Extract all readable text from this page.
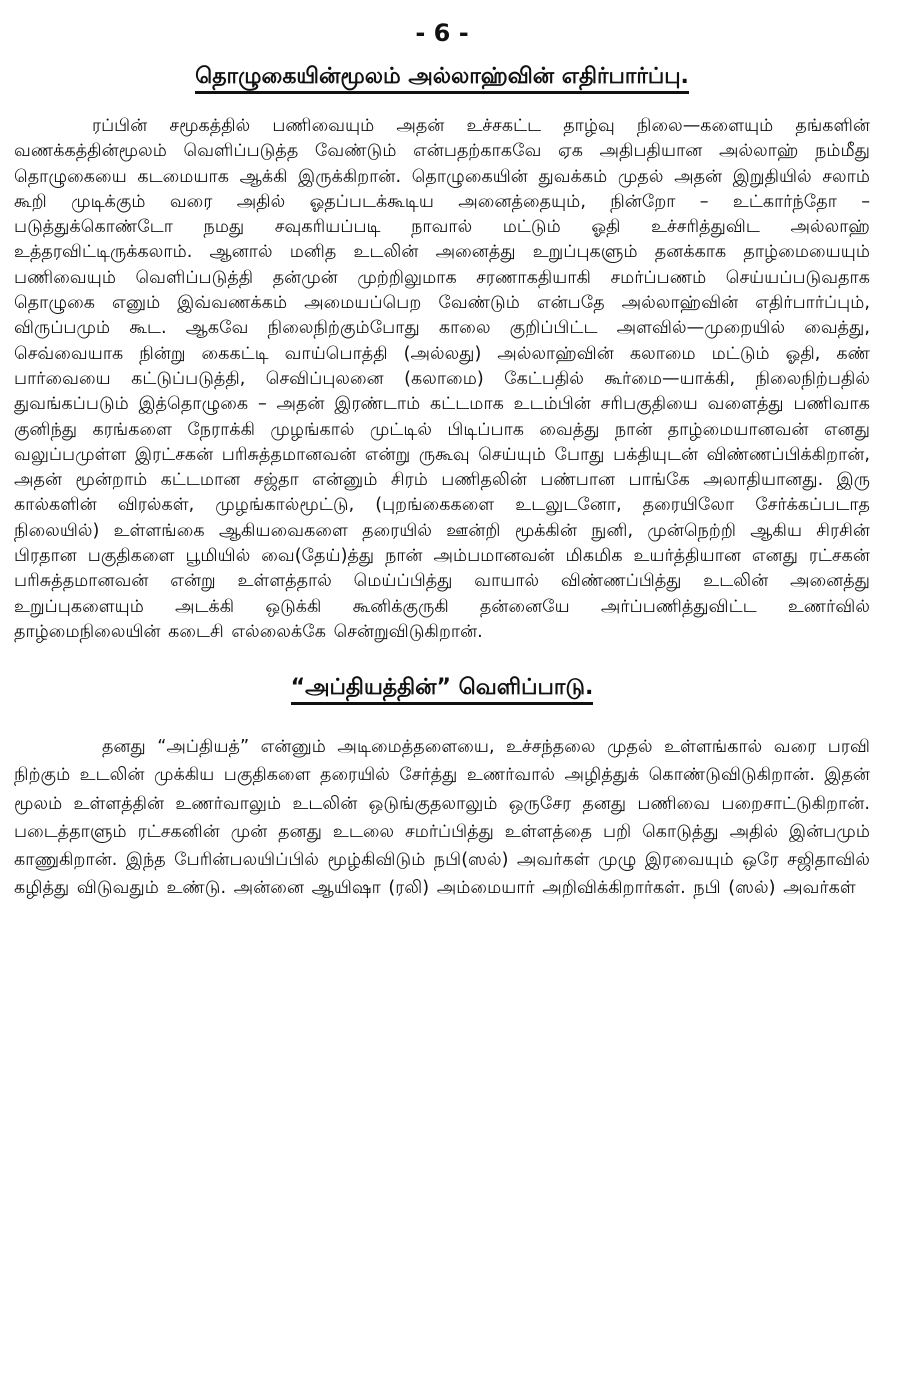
- 6 -
தொழுகையின்மூலம் அல்லாஹ்வின் எதிர்பார்ப்பு.

ரப்பின் சமூகத்தில் பணிவையும் அதன் உச்சகட்ட தாழ்வு நிலை—களையும் தங்களின் வணக்கத்தின்மூலம் வெளிப்படுத்த வேண்டும் என்பதற்காகவே ஏக அதிபதியான அல்லாஹ் நம்மீது தொழுகையை கடமையாக ஆக்கி இருக்கிறான். தொழுகையின் துவக்கம் முதல் அதன் இறுதியில் சலாம் கூறி முடிக்கும் வரை அதில் ஓதப்படக்கூடிய அனைத்தையும், நின்றோ – உட்கார்ந்தோ – படுத்துக்கொண்டோ நமது சவுகரியப்படி நாவால் மட்டும் ஓதி உச்சரித்துவிட அல்லாஹ் உத்தரவிட்டிருக்கலாம். ஆனால் மனித உடலின் அனைத்து உறுப்புகளும் தனக்காக தாழ்மையையும் பணிவையும் வெளிப்படுத்தி தன்முன் முற்றிலுமாக சரணாகதியாகி சமர்ப்பணம் செய்யப்படுவதாக தொழுகை எனும் இவ்வணக்கம் அமையப்பெற வேண்டும் என்பதே அல்லாஹ்வின் எதிர்பார்ப்பும், விருப்பமும் கூட. ஆகவே நிலைநிற்கும்போது காலை குறிப்பிட்ட அளவில்—முறையில் வைத்து, செவ்வையாக நின்று கைகட்டி வாய்பொத்தி (அல்லது) அல்லாஹ்வின் கலாமை மட்டும் ஓதி, கண் பார்வையை கட்டுப்படுத்தி, செவிப்புலனை (கலாமை) கேட்பதில் கூர்மை—யாக்கி, நிலைநிற்பதில் துவங்கப்படும் இத்தொழுகை – அதன் இரண்டாம் கட்டமாக உடம்பின் சரிபகுதியை வளைத்து பணிவாக குனிந்து கரங்களை நேராக்கி முழங்கால் முட்டில் பிடிப்பாக வைத்து நான் தாழ்மையானவன் எனது வலுப்பமுள்ள இரட்சகன் பரிசுத்தமானவன் என்று ருகூவு செய்யும் போது பக்தியுடன் விண்ணப்பிக்கிறான், அதன் மூன்றாம் கட்டமான சஜ்தா என்னும் சிரம் பணிதலின் பண்பான பாங்கே அலாதியானது. இரு கால்களின் விரல்கள், முழங்கால்மூட்டு, (புறங்கைகளை உடலுடனோ, தரையிலோ சேர்க்கப்படாத நிலையில்) உள்ளங்கை ஆகியவைகளை தரையில் ஊன்றி மூக்கின் நுனி, முன்நெற்றி ஆகிய சிரசின் பிரதான பகுதிகளை பூமியில் வை(தேய்)த்து நான் அம்பமானவன் மிகமிக உயர்த்தியான எனது ரட்சகன் பரிசுத்தமானவன் என்று உள்ளத்தால் மெய்ப்பித்து வாயால் விண்ணப்பித்து உடலின் அனைத்து உறுப்புகளையும் அடக்கி ஒடுக்கி கூனிக்குருகி தன்னையே அர்ப்பணித்துவிட்ட உணர்வில் தாழ்மைநிலையின் கடைசி எல்லைக்கே சென்றுவிடுகிறான்.

“அப்தியத்தின்” வெளிப்பாடு.

தனது “அப்தியத்” என்னும் அடிமைத்தளையை, உச்சந்தலை முதல் உள்ளங்கால் வரை பரவி நிற்கும் உடலின் முக்கிய பகுதிகளை தரையில் சேர்த்து உணர்வால் அழித்துக் கொண்டுவிடுகிறான். இதன் மூலம் உள்ளத்தின் உணர்வாலும் உடலின் ஒடுங்குதலாலும் ஒருசேர தனது பணிவை பறைசாட்டுகிறான். படைத்தாளும் ரட்சகனின் முன் தனது உடலை சமர்ப்பித்து உள்ளத்தை பறி கொடுத்து அதில் இன்பமும் காணுகிறான். இந்த பேரின்பலயிப்பில் மூழ்கிவிடும் நபி(ஸல்) அவர்கள் முழு இரவையும் ஒரே சஜிதாவில் கழித்து விடுவதும் உண்டு. அன்னை ஆயிஷா (ரலி) அம்மையார் அறிவிக்கிறார்கள். நபி (ஸல்) அவர்கள்
